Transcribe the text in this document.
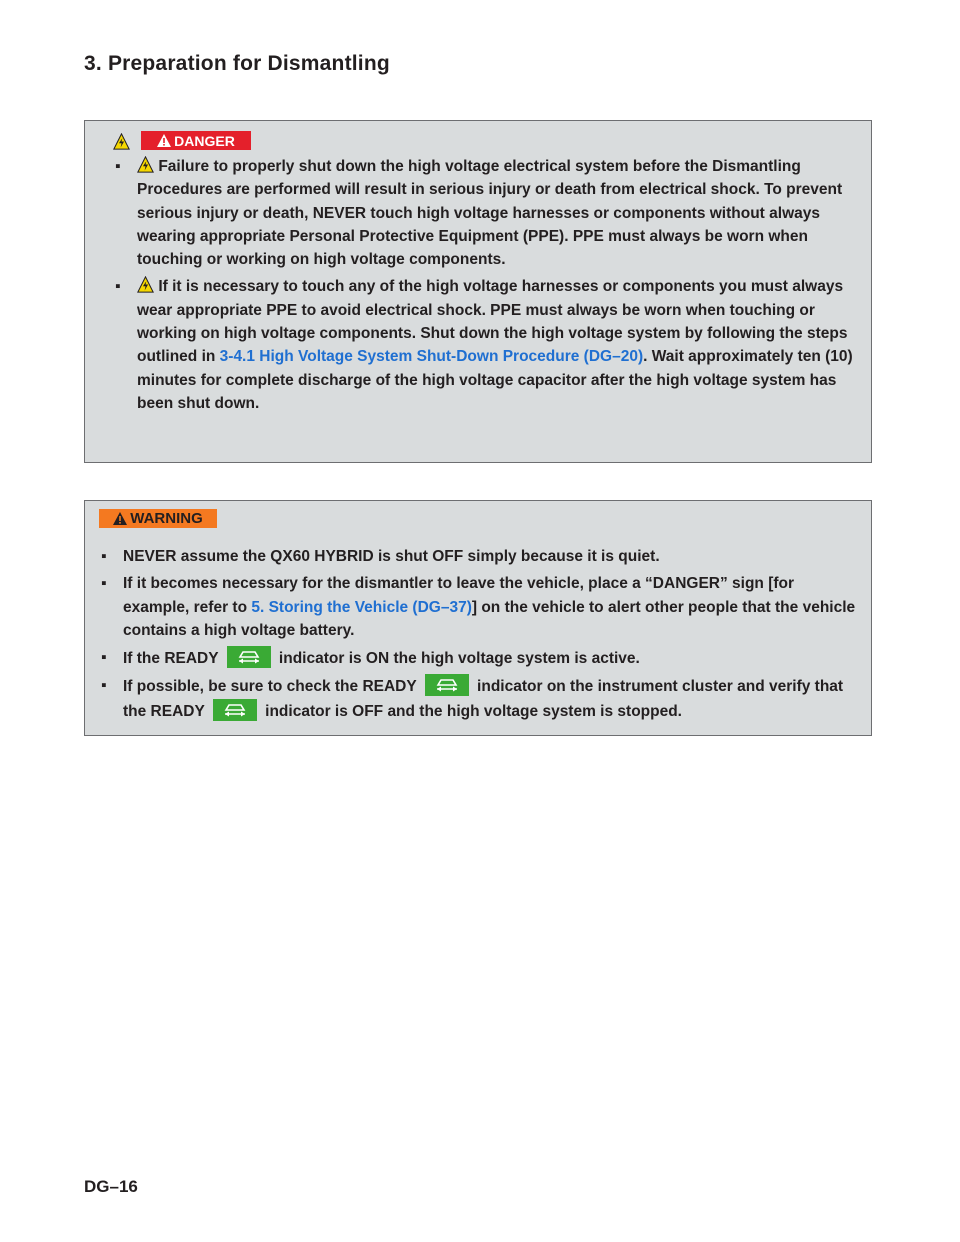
3. Preparation for Dismantling
DANGER
▪ Failure to properly shut down the high voltage electrical system before the Dismantling Procedures are performed will result in serious injury or death from electrical shock. To prevent serious injury or death, NEVER touch high voltage harnesses or components without always wearing appropriate Personal Protective Equipment (PPE). PPE must always be worn when touching or working on high voltage components.
▪ If it is necessary to touch any of the high voltage harnesses or components you must always wear appropriate PPE to avoid electrical shock. PPE must always be worn when touching or working on high voltage components. Shut down the high voltage system by following the steps outlined in 3-4.1 High Voltage System Shut-Down Procedure (DG–20). Wait approximately ten (10) minutes for complete discharge of the high voltage capacitor after the high voltage system has been shut down.
WARNING
▪ NEVER assume the QX60 HYBRID is shut OFF simply because it is quiet.
▪ If it becomes necessary for the dismantler to leave the vehicle, place a “DANGER” sign [for example, refer to 5. Storing the Vehicle (DG–37)] on the vehicle to alert other people that the vehicle contains a high voltage battery.
▪ If the READY	indicator is ON the high voltage system is active.
▪ If possible, be sure to check the READY	indicator on the instrument cluster and verify that the READY	indicator is OFF and the high voltage system is stopped.
DG–16
